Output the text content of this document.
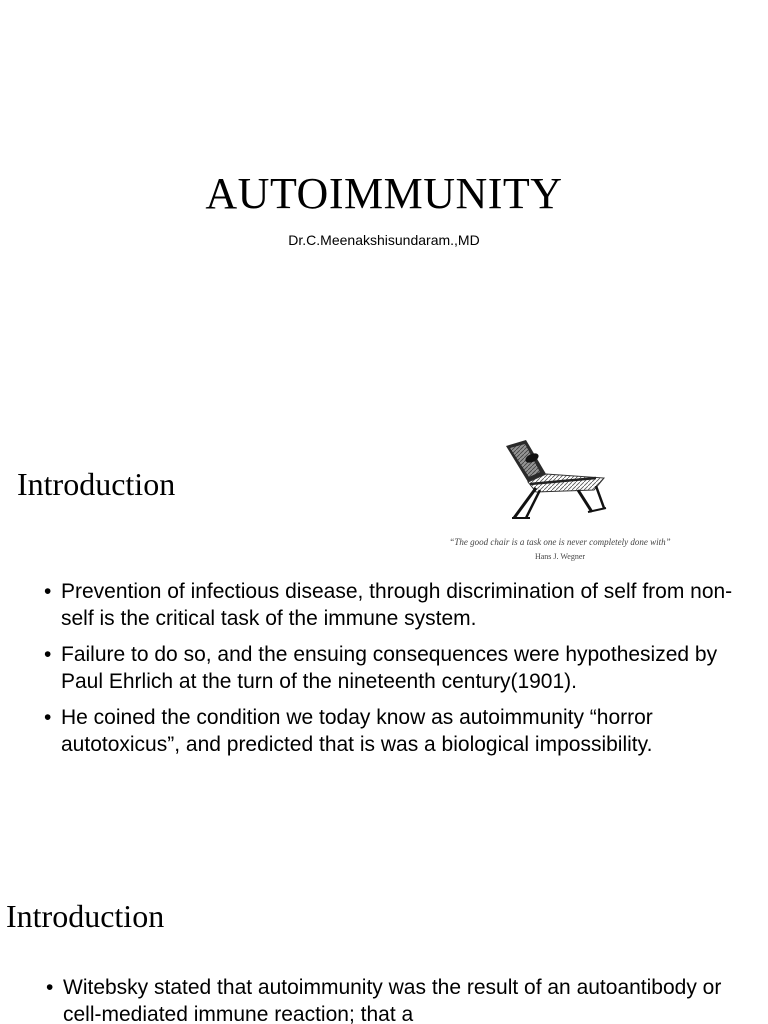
AUTOIMMUNITY
Dr.C.Meenakshisundaram.,MD
Introduction
“The good chair is a task one is never completely done with”
Hans J. Wegner
• Prevention of infectious disease, through discrimination of self from non-self is the critical task of the immune system.
• Failure to do so, and the ensuing consequences were hypothesized by Paul Ehrlich at the turn of the nineteenth century(1901).
• He coined the condition we today know as autoimmunity “horror autotoxicus”, and predicted that is was a biological impossibility.
Introduction
• Witebsky stated that autoimmunity was the result of an autoantibody or cell-mediated immune reaction; that a
